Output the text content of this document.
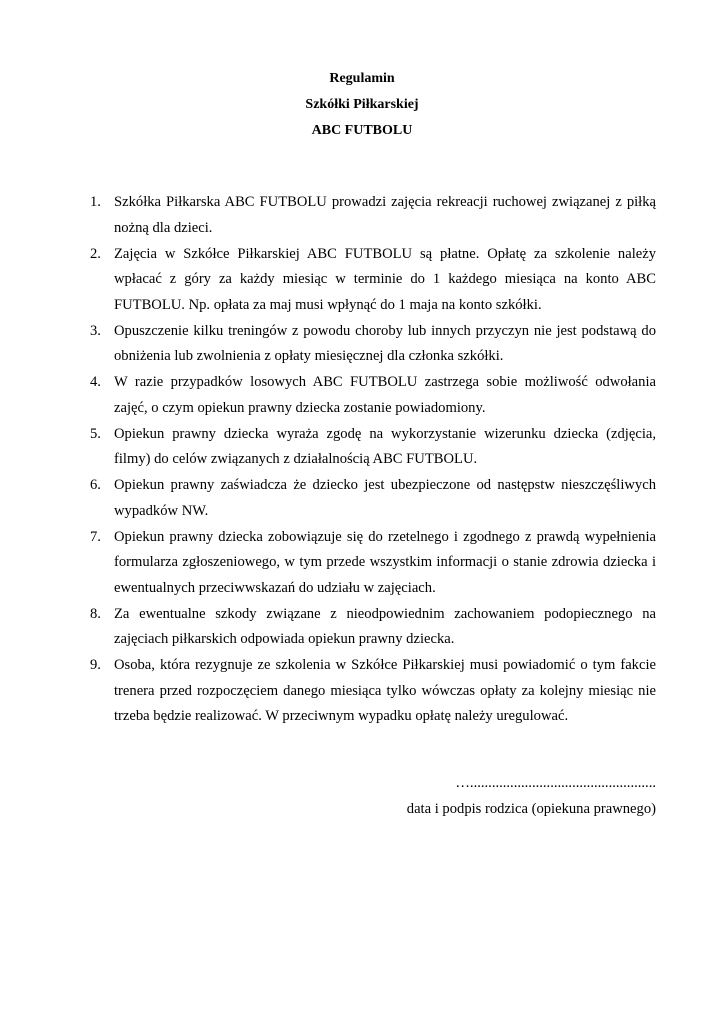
Regulamin
Szkółki Piłkarskiej
ABC FUTBOLU
1. Szkółka Piłkarska ABC FUTBOLU prowadzi zajęcia rekreacji ruchowej związanej z piłką nożną dla dzieci.
2. Zajęcia w Szkółce Piłkarskiej ABC FUTBOLU są płatne. Opłatę za szkolenie należy wpłacać z góry za każdy miesiąc w terminie do 1 każdego miesiąca na konto ABC FUTBOLU. Np. opłata za maj musi wpłynąć do 1 maja na konto szkółki.
3. Opuszczenie kilku treningów z powodu choroby lub innych przyczyn nie jest podstawą do obniżenia lub zwolnienia z opłaty miesięcznej dla członka szkółki.
4. W razie przypadków losowych ABC FUTBOLU zastrzega sobie możliwość odwołania zajęć, o czym opiekun prawny dziecka zostanie powiadomiony.
5. Opiekun prawny dziecka wyraża zgodę na wykorzystanie wizerunku dziecka (zdjęcia, filmy) do celów związanych z działalnością ABC FUTBOLU.
6. Opiekun prawny zaświadcza że dziecko jest ubezpieczone od następstw nieszczęśliwych wypadków NW.
7. Opiekun prawny dziecka zobowiązuje się do rzetelnego i zgodnego z prawdą wypełnienia formularza zgłoszeniowego, w tym przede wszystkim informacji o stanie zdrowia dziecka i ewentualnych przeciwwskazań do udziału w zajęciach.
8. Za ewentualne szkody związane z nieodpowiednim zachowaniem podopiecznego na zajęciach piłkarskich odpowiada opiekun prawny dziecka.
9. Osoba, która rezygnuje ze szkolenia w Szkółce Piłkarskiej musi powiadomić o tym fakcie trenera przed rozpoczęciem danego miesiąca tylko wówczas opłaty za kolejny miesiąc nie trzeba będzie realizować. W przeciwnym wypadku opłatę należy uregulować.
…...................................................
data i podpis rodzica (opiekuna prawnego)
